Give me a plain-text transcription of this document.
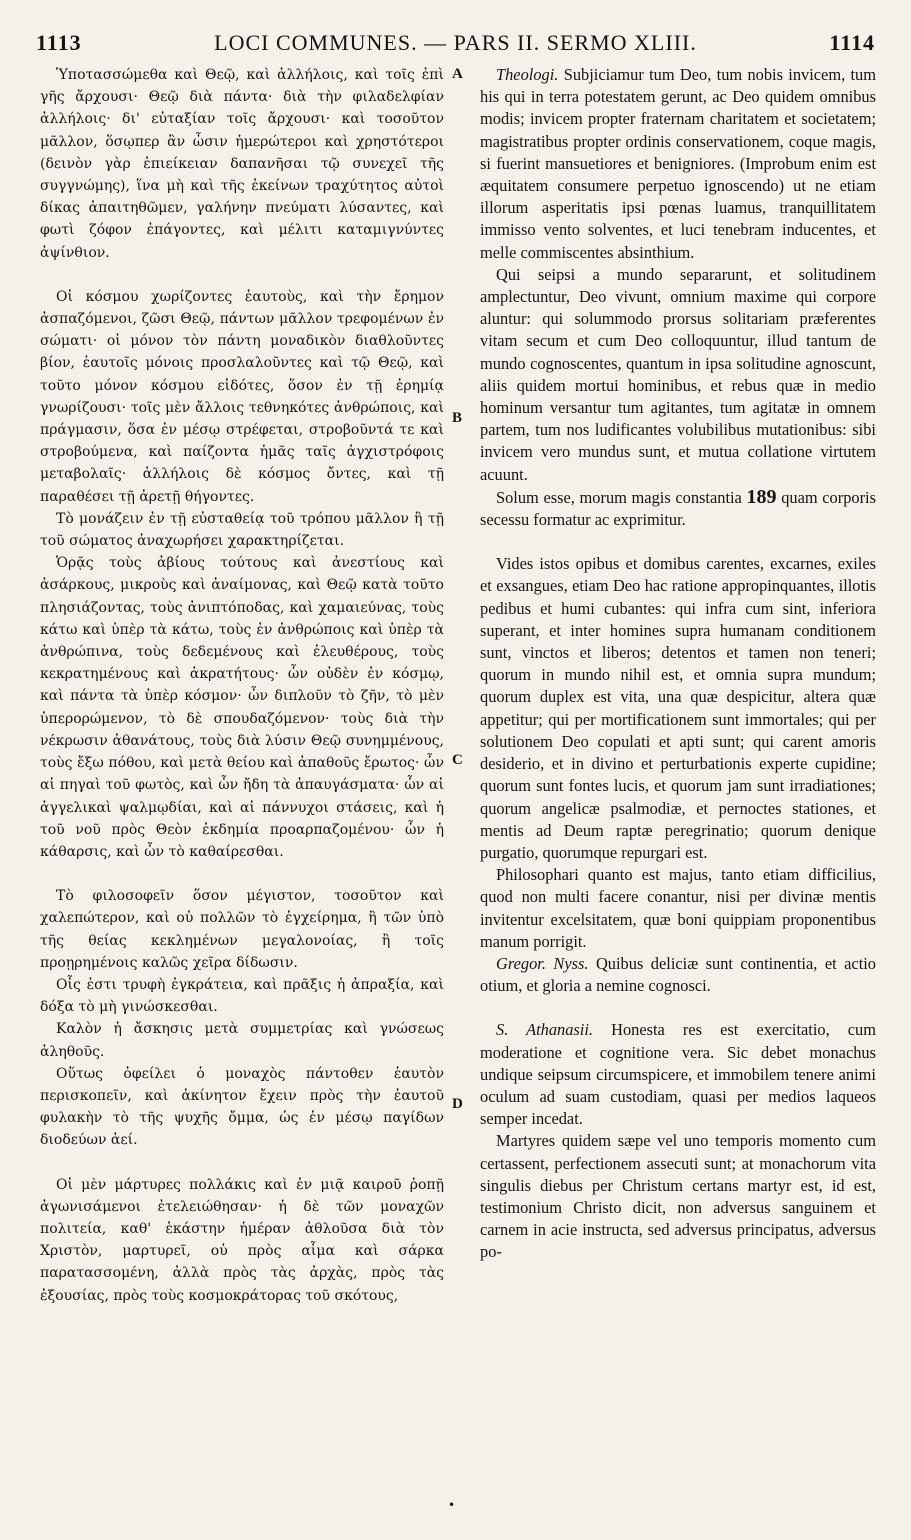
1113	LOCI COMMUNES. — PARS II. SERMO XLIII.	1114
A
B
C
D

Ὑποτασσώμεθα καὶ Θεῷ, καὶ ἀλλήλοις, καὶ τοῖς ἐπὶ γῆς ἄρχουσι· Θεῷ διὰ πάντα· διὰ τὴν φιλαδελφίαν ἀλλήλοις· δι' εὐταξίαν τοῖς ἄρχουσι· καὶ τοσοῦτον μᾶλλον, ὅσῳπερ ἂν ὦσιν ἡμερώτεροι καὶ χρηστότεροι (δεινὸν γὰρ ἐπιείκειαν δαπανῆσαι τῷ συνεχεῖ τῆς συγγνώμης), ἵνα μὴ καὶ τῆς ἐκείνων τραχύτητος αὐτοὶ δίκας ἀπαιτηθῶμεν, γαλήνην πνεύματι λύσαντες, καὶ φωτὶ ζόφον ἐπάγοντες, καὶ μέλιτι καταμιγνύντες ἀψίνθιον.

Οἱ κόσμου χωρίζοντες ἑαυτοὺς, καὶ τὴν ἔρημον ἀσπαζόμενοι, ζῶσι Θεῷ, πάντων μᾶλλον τρεφομένων ἐν σώματι· οἱ μόνον τὸν πάντη μοναδικὸν διαθλοῦντες βίον, ἑαυτοῖς μόνοις προσλαλοῦντες καὶ τῷ Θεῷ, καὶ τοῦτο μόνον κόσμου εἰδότες, ὅσον ἐν τῇ ἐρημίᾳ γνωρίζουσι· τοῖς μὲν ἄλλοις τεθνηκότες ἀνθρώποις, καὶ πράγμασιν, ὅσα ἐν μέσῳ στρέφεται, στροβοῦντά τε καὶ στροβούμενα, καὶ παίζοντα ἡμᾶς ταῖς ἀγχιστρόφοις μεταβολαῖς· ἀλλήλοις δὲ κόσμος ὄντες, καὶ τῇ παραθέσει τῇ ἀρετῇ θήγοντες.

Τὸ μονάζειν ἐν τῇ εὐσταθείᾳ τοῦ τρόπου μᾶλλον ἢ τῇ τοῦ σώματος ἀναχωρήσει χαρακτηρίζεται.

Ὁρᾷς τοὺς ἀβίους τούτους καὶ ἀνεστίους καὶ ἀσάρκους, μικροὺς καὶ ἀναίμονας, καὶ Θεῷ κατὰ τοῦτο πλησιάζοντας, τοὺς ἀνιπτόποδας, καὶ χαμαιεύνας, τοὺς κάτω καὶ ὑπὲρ τὰ κάτω, τοὺς ἐν ἀνθρώποις καὶ ὑπὲρ τὰ ἀνθρώπινα, τοὺς δεδεμένους καὶ ἐλευθέρους, τοὺς κεκρατημένους καὶ ἀκρατήτους· ὧν οὐδὲν ἐν κόσμῳ, καὶ πάντα τὰ ὑπὲρ κόσμον· ὧν διπλοῦν τὸ ζῆν, τὸ μὲν ὑπερορώμενον, τὸ δὲ σπουδαζόμενον· τοὺς διὰ τὴν νέκρωσιν ἀθανάτους, τοὺς διὰ λύσιν Θεῷ συνημμένους, τοὺς ἔξω πόθου, καὶ μετὰ θείου καὶ ἀπαθοῦς ἔρωτος· ὧν αἱ πηγαὶ τοῦ φωτὸς, καὶ ὧν ἤδη τὰ ἀπαυγάσματα· ὧν αἱ ἀγγελικαὶ ψαλμῳδίαι, καὶ αἱ πάννυχοι στάσεις, καὶ ἡ τοῦ νοῦ πρὸς Θεὸν ἐκδημία προαρπαζομένου· ὧν ἡ κάθαρσις, καὶ ὧν τὸ καθαίρεσθαι.

Τὸ φιλοσοφεῖν ὅσον μέγιστον, τοσοῦτον καὶ χαλεπώτερον, καὶ οὐ πολλῶν τὸ ἐγχείρημα, ἢ τῶν ὑπὸ τῆς θείας κεκλημένων μεγαλονοίας, ἢ τοῖς προῃρημένοις καλῶς χεῖρα δίδωσιν.

Οἷς ἐστι τρυφὴ ἐγκράτεια, καὶ πρᾶξις ἡ ἀπραξία, καὶ δόξα τὸ μὴ γινώσκεσθαι.

Καλὸν ἡ ἄσκησις μετὰ συμμετρίας καὶ γνώσεως ἀληθοῦς.

Οὕτως ὀφείλει ὁ μοναχὸς πάντοθεν ἑαυτὸν περισκοπεῖν, καὶ ἀκίνητον ἔχειν πρὸς τὴν ἑαυτοῦ φυλακὴν τὸ τῆς ψυχῆς ὄμμα, ὡς ἐν μέσῳ παγίδων διοδεύων ἀεί.

Οἱ μὲν μάρτυρες πολλάκις καὶ ἐν μιᾷ καιροῦ ῥοπῇ ἀγωνισάμενοι ἐτελειώθησαν· ἡ δὲ τῶν μοναχῶν πολιτεία, καθ' ἑκάστην ἡμέραν ἀθλοῦσα διὰ τὸν Χριστὸν, μαρτυρεῖ, οὐ πρὸς αἷμα καὶ σάρκα παρατασσομένη, ἀλλὰ πρὸς τὰς ἀρχὰς, πρὸς τὰς ἐξουσίας, πρὸς τοὺς κοσμοκράτορας τοῦ σκότους,

Theologi. Subjiciamur tum Deo, tum nobis invicem, tum his qui in terra potestatem gerunt, ac Deo quidem omnibus modis; invicem propter fraternam charitatem et societatem; magistratibus propter ordinis conservationem, coque magis, si fuerint mansuetiores et benigniores. (Improbum enim est æquitatem consumere perpetuo ignoscendo) ut ne etiam illorum asperitatis ipsi pœnas luamus, tranquillitatem immisso vento solventes, et luci tenebram inducentes, et melle commiscentes absinthium.

Qui seipsi a mundo separarunt, et solitudinem amplectuntur, Deo vivunt, omnium maxime qui corpore aluntur: qui solummodo prorsus solitariam præferentes vitam secum et cum Deo colloquuntur, illud tantum de mundo cognoscentes, quantum in ipsa solitudine agnoscunt, aliis quidem mortui hominibus, et rebus quæ in medio hominum versantur tum agitantes, tum agitatæ in omnem partem, tum nos ludificantes volubilibus mutationibus: sibi invicem vero mundus sunt, et mutua collatione virtutem acuunt.

Solum esse, morum magis constantia 189 quam corporis secessu formatur ac exprimitur.

Vides istos opibus et domibus carentes, excarnes, exiles et exsangues, etiam Deo hac ratione appropinquantes, illotis pedibus et humi cubantes: qui infra cum sint, inferiora superant, et inter homines supra humanam conditionem sunt, vinctos et liberos; detentos et tamen non teneri; quorum in mundo nihil est, et omnia supra mundum; quorum duplex est vita, una quæ despicitur, altera quæ appetitur; qui per mortificationem sunt immortales; qui per solutionem Deo copulati et apti sunt; qui carent amoris desiderio, et in divino et perturbationis experte cupidine; quorum sunt fontes lucis, et quorum jam sunt irradiationes; quorum angelicæ psalmodiæ, et pernoctes stationes, et mentis ad Deum raptæ peregrinatio; quorum denique purgatio, quorumque repurgari est.

Philosophari quanto est majus, tanto etiam difficilius, quod non multi facere conantur, nisi per divinæ mentis invitentur excelsitatem, quæ boni quippiam proponentibus manum porrigit.

Gregor. Nyss. Quibus deliciæ sunt continentia, et actio otium, et gloria a nemine cognosci.

S. Athanasii. Honesta res est exercitatio, cum moderatione et cognitione vera. Sic debet monachus undique seipsum circumspicere, et immobilem tenere animi oculum ad suam custodiam, quasi per medios laqueos semper incedat.

Martyres quidem sæpe vel uno temporis momento cum certassent, perfectionem assecuti sunt; at monachorum vita singulis diebus per Christum certans martyr est, id est, testimonium Christo dicit, non adversus sanguinem et carnem in acie instructa, sed adversus principatus, adversus po-

•
